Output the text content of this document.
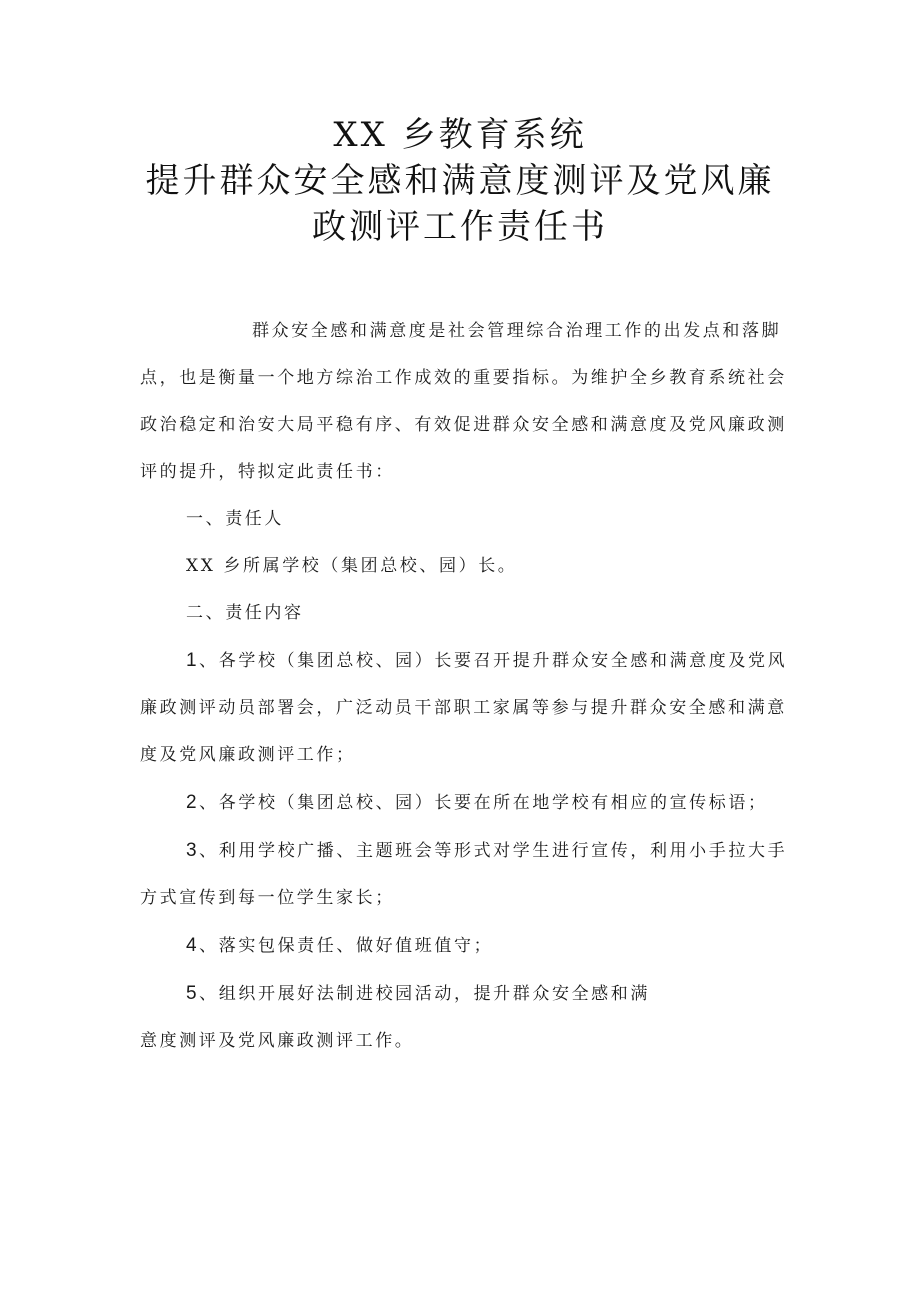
XX 乡教育系统
提升群众安全感和满意度测评及党风廉
政测评工作责任书

群众安全感和满意度是社会管理综合治理工作的出发点和落脚点，也是衡量一个地方综治工作成效的重要指标。为维护全乡教育系统社会政治稳定和治安大局平稳有序、有效促进群众安全感和满意度及党风廉政测评的提升，特拟定此责任书：

一、责任人

XX 乡所属学校（集团总校、园）长。

二、责任内容

1、各学校（集团总校、园）长要召开提升群众安全感和满意度及党风廉政测评动员部署会，广泛动员干部职工家属等参与提升群众安全感和满意度及党风廉政测评工作；

2、各学校（集团总校、园）长要在所在地学校有相应的宣传标语；

3、利用学校广播、主题班会等形式对学生进行宣传，利用小手拉大手方式宣传到每一位学生家长；

4、落实包保责任、做好值班值守；

5、组织开展好法制进校园活动，提升群众安全感和满

意度测评及党风廉政测评工作。
